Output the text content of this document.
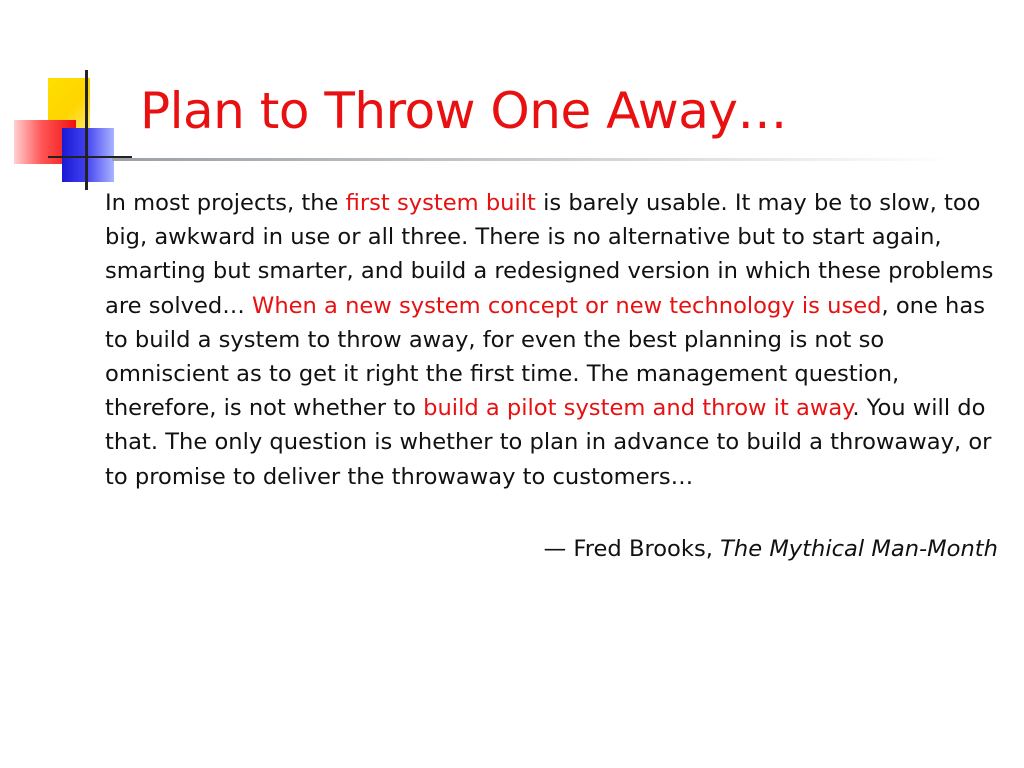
Plan to Throw One Away…

In most projects, the first system built is barely usable. It may be to slow, too big, awkward in use or all three. There is no alternative but to start again, smarting but smarter, and build a redesigned version in which these problems are solved… When a new system concept or new technology is used, one has to build a system to throw away, for even the best planning is not so omniscient as to get it right the first time. The management question, therefore, is not whether to build a pilot system and throw it away. You will do that. The only question is whether to plan in advance to build a throwaway, or to promise to deliver the throwaway to customers…

— Fred Brooks, The Mythical Man-Month
